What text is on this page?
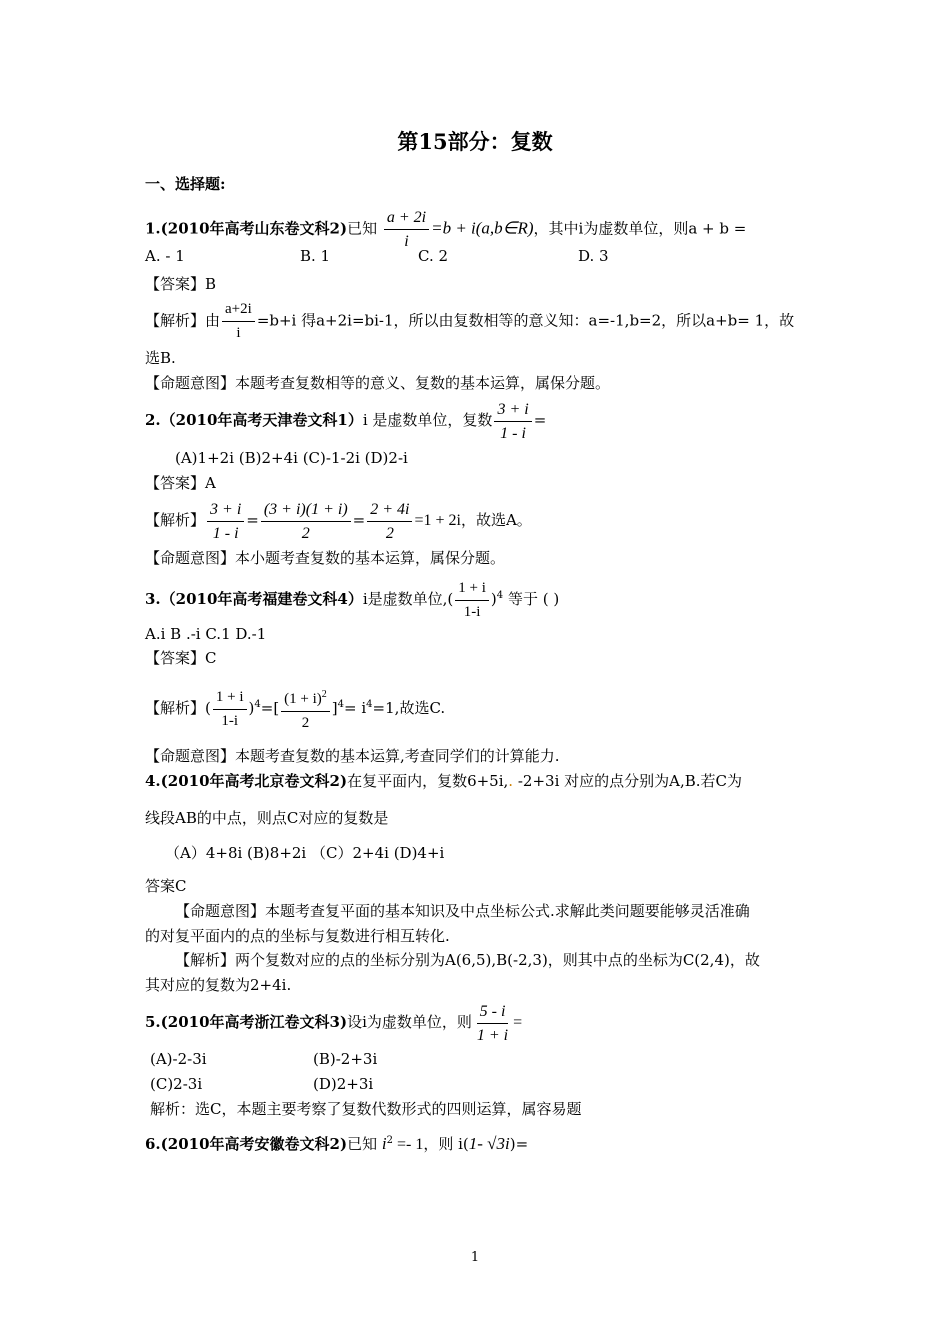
第15部分：复数
一、选择题:
1.(2010年高考山东卷文科2)已知 $\frac{a + 2i}{i} =b$ + i(a,b∈R)，其中i为虚数单位，则a + b =
A. - 1	B. 1	C. 2	D. 3
【答案】B
【解析】由 $\frac{a+2i}{i} =b+i$ 得a+2i=bi-1，所以由复数相等的意义知：a=-1,b=2，所以a+b= 1，故
选B.
【命题意图】本题考查复数相等的意义、复数的基本运算，属保分题。
2.（2010年高考天津卷文科1）i 是虚数单位，复数 $\frac{3 + i}{1 - i}$ =
(A)1+2i (B)2+4i (C)-1-2i (D)2-i
【答案】A
【解析】 $\frac{3 + i}{1 - i} = \frac{(3 + i)(1 + i)}{2} = \frac{2 + 4i}{2} =1 + 2i$，故选A。
【命题意图】本小题考查复数的基本运算，属保分题。
3.（2010年高考福建卷文科4）i是虚数单位,( $\frac{1 + i}{1-i} )^4$ 等于 ( )
A.i B .-i C.1 D.-1
【答案】C
【解析】( $\frac{1 + i}{1-i} )^4=[ \frac{(1 + i)^2}{2} ]^4= i^4=1$,故选C.
【命题意图】本题考查复数的基本运算,考查同学们的计算能力.
4.(2010年高考北京卷文科2)在复平面内，复数6+5i,. -2+3i 对应的点分别为A,B.若C为
线段AB的中点，则点C对应的复数是
（A）4+8i (B)8+2i （C）2+4i (D)4+i
答案C
【命题意图】本题考查复平面的基本知识及中点坐标公式.求解此类问题要能够灵活准确
的对复平面内的点的坐标与复数进行相互转化.
【解析】两个复数对应的点的坐标分别为A(6,5),B(-2,3)，则其中点的坐标为C(2,4)，故
其对应的复数为2+4i.
5.(2010年高考浙江卷文科3)设i为虚数单位，则 $\frac{5 - i}{1 + i}$ =
(A)-2-3i	(B)-2+3i
(C)2-3i	(D)2+3i
解析：选C，本题主要考察了复数代数形式的四则运算，属容易题
6.(2010年高考安徽卷文科2)已知 $i^2 =- 1$，则 i(1- √3i)=
1
